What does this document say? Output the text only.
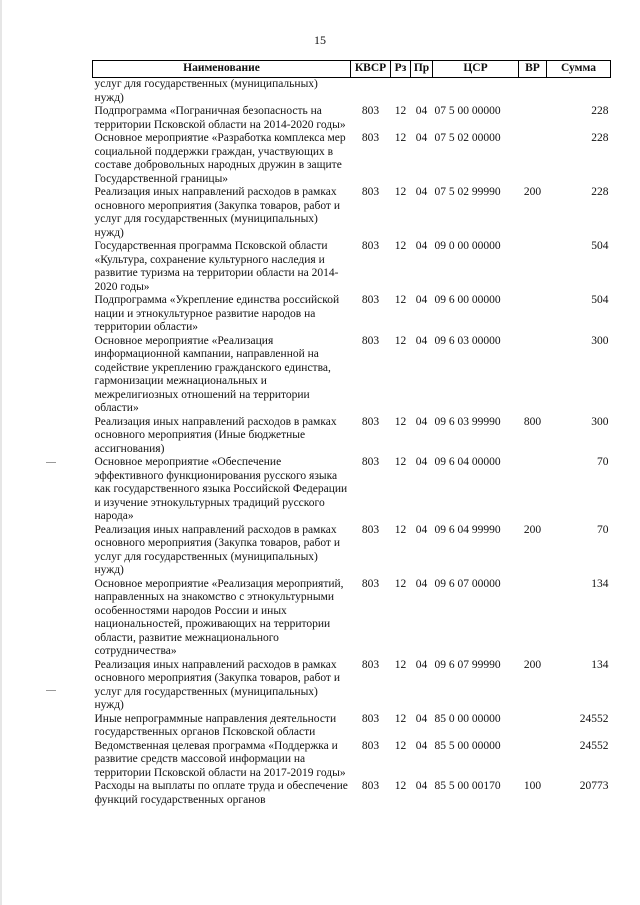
15
Наименование	КВСР	Рз	Пр	ЦСР	ВР	Сумма
услуг для государственных (муниципальных) нужд)						
Подпрограмма «Пограничная безопасность на территории Псковской области на 2014-2020 годы»	803	12	04	07 5 00 00000		228
Основное мероприятие «Разработка комплекса мер социальной поддержки граждан, участвующих в составе добровольных народных дружин в защите Государственной границы»	803	12	04	07 5 02 00000		228
Реализация иных направлений расходов в рамках основного мероприятия (Закупка товаров, работ и услуг для государственных (муниципальных) нужд)	803	12	04	07 5 02 99990	200	228
Государственная программа Псковской области «Культура, сохранение культурного наследия и развитие туризма на территории области на 2014-2020 годы»	803	12	04	09 0 00 00000		504
Подпрограмма «Укрепление единства российской нации и этнокультурное развитие народов на территории области»	803	12	04	09 6 00 00000		504
Основное мероприятие «Реализация информационной кампании, направленной на содействие укреплению гражданского единства, гармонизации межнациональных и межрелигиозных отношений на территории области»	803	12	04	09 6 03 00000		300
Реализация иных направлений расходов в рамках основного мероприятия (Иные бюджетные ассигнования)	803	12	04	09 6 03 99990	800	300
Основное мероприятие «Обеспечение эффективного функционирования русского языка как государственного языка Российской Федерации и изучение этнокультурных традиций русского народа»	803	12	04	09 6 04 00000		70
Реализация иных направлений расходов в рамках основного мероприятия (Закупка товаров, работ и услуг для государственных (муниципальных) нужд)	803	12	04	09 6 04 99990	200	70
Основное мероприятие «Реализация мероприятий, направленных на знакомство с этнокультурными особенностями народов России и иных национальностей, проживающих на территории области, развитие межнационального сотрудничества»	803	12	04	09 6 07 00000		134
Реализация иных направлений расходов в рамках основного мероприятия (Закупка товаров, работ и услуг для государственных (муниципальных) нужд)	803	12	04	09 6 07 99990	200	134
Иные непрограммные направления деятельности государственных органов Псковской области	803	12	04	85 0 00 00000		24552
Ведомственная целевая программа «Поддержка и развитие средств массовой информации на территории Псковской области на 2017-2019 годы»	803	12	04	85 5 00 00000		24552
Расходы на выплаты по оплате труда и обеспечение функций государственных органов	803	12	04	85 5 00 00170	100	20773
